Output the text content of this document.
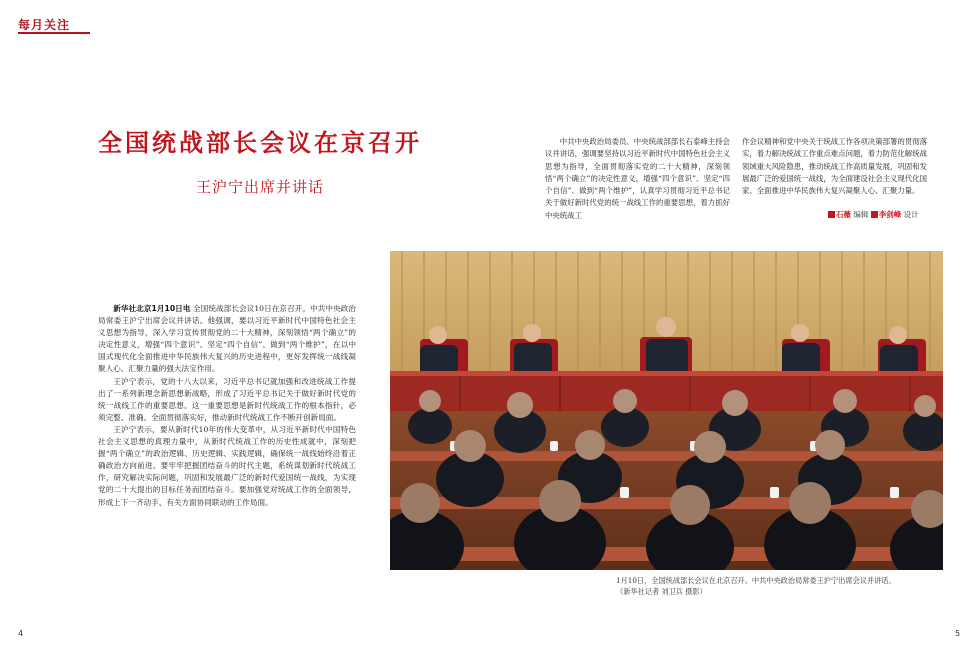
每月关注
全国统战部长会议在京召开
王沪宁出席并讲话

新华社北京1月10日电 全国统战部长会议10日在京召开。中共中央政治局常委王沪宁出席会议并讲话。他强调，要以习近平新时代中国特色社会主义思想为指导，深入学习宣传贯彻党的二十大精神，深刻领悟“两个确立”的决定性意义，增强“四个意识”、坚定“四个自信”、做到“两个维护”，在以中国式现代化全面推进中华民族伟大复兴的历史进程中，更好发挥统一战线凝聚人心、汇聚力量的强大法宝作用。

王沪宁表示，党的十八大以来，习近平总书记就加强和改进统战工作提出了一系列新理念新思想新战略，形成了习近平总书记关于做好新时代党的统一战线工作的重要思想。这一重要思想是新时代统战工作的根本指针，必须完整、准确、全面贯彻落实好，推动新时代统战工作不断开创新局面。

王沪宁表示，要从新时代10年的伟大变革中，从习近平新时代中国特色社会主义思想的真理力量中，从新时代统战工作的历史性成就中，深刻把握“两个确立”的政治逻辑、历史逻辑、实践逻辑，确保统一战线始终沿着正确政治方向前进。要牢牢把握团结奋斗的时代主题，系统谋划新时代统战工作，研究解决实际问题，巩固和发展最广泛的新时代爱国统一战线，为实现党的二十大提出的目标任务而团结奋斗。要加强党对统战工作的全面领导，形成上下一齐动手、有关方面协同联动的工作局面。

4

中共中央政治局委员、中央统战部部长石泰峰主持会议并讲话，强调要坚持以习近平新时代中国特色社会主义思想为指导，全面贯彻落实党的二十大精神，深刻领悟“两个确立”的决定性意义，增强“四个意识”、坚定“四个自信”、做到“两个维护”，认真学习贯彻习近平总书记关于做好新时代党的统一战线工作的重要思想，着力抓好中央统战工

作会议精神和党中央关于统战工作各项决策部署的贯彻落实，着力解决统战工作重点难点问题，着力防范化解统战领域重大风险隐患，推动统战工作高质量发展，巩固和发展最广泛的爱国统一战线，为全面建设社会主义现代化国家、全面推进中华民族伟大复兴凝聚人心、汇聚力量。

石薇 编辑 李剑峰 设计

1月10日，全国统战部长会议在北京召开。中共中央政治局常委王沪宁出席会议并讲话。

（新华社记者 刘卫兵 摄影）

5
